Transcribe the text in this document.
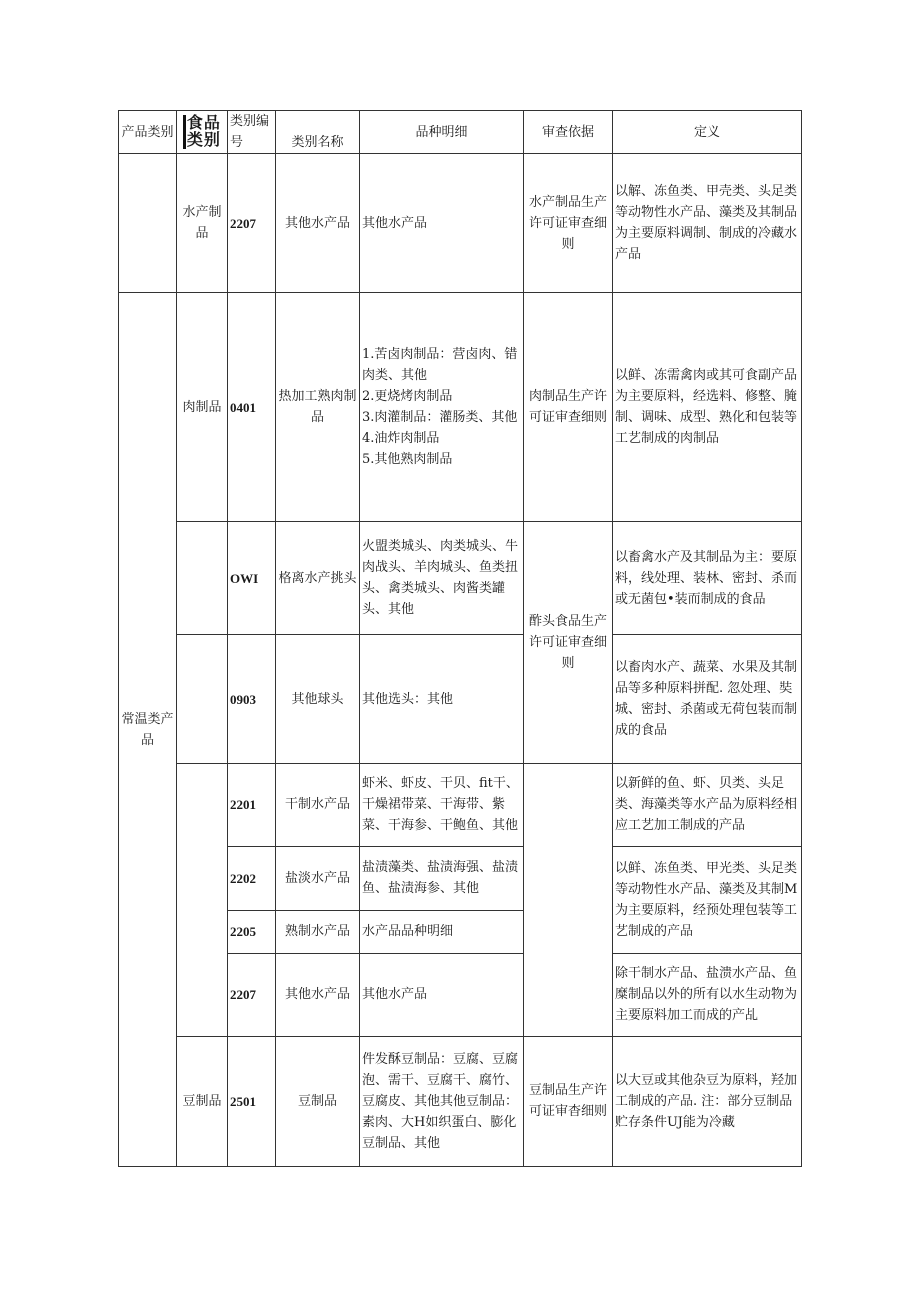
产品类别	食品类别	类别编号	类别名称	品种明细	审查依据	定义
	水产制品	2207	其他水产品	其他水产品	水产制品生产许可证审查细则	以解、冻鱼类、甲壳类、头足类等动物性水产品、藻类及其制品为主要原料调制、制成的冷藏水产品
常温类产品	肉制品	0401	热加工熟肉制品	1.苦卤肉制品：营卤肉、错肉类、其他
2.更烧烤肉制品
3.肉灌制品：灌肠类、其他
4.油炸肉制品
5.其他熟肉制品	肉制品生产许可证审查细则	以鲜、冻需禽肉或其可食副产品为主要原料，经选料、修整、腌制、调味、成型、熟化和包装等工艺制成的肉制品
		OWI	格离水产挑头	火盟类城头、肉类城头、牛肉战头、羊肉城头、鱼类扭头、禽类城头、肉酱类罐头、其他	酢头食品生产许可证审查细则	以畜禽水产及其制品为主：要原料，线处理、装林、密封、杀而或无菌包•装而制成的食品
		0903	其他球头	其他选头：其他		以畜肉水产、蔬菜、水果及其制品等多种原料拼配. 忽处理、奘城、密封、杀菌或无荷包装而制成的食品
		2201	干制水产品	虾米、虾皮、干贝、fit干、干燥裙带菜、干海带、紫菜、干海参、干鲍鱼、其他		以新鲜的鱼、虾、贝类、头足类、海藻类等水产品为原料经相应工艺加工制成的产品
		2202	盐淡水产品	盐渍藻类、盐渍海强、盐渍鱼、盐渍海参、其他		以鲜、冻鱼类、甲光类、头足类等动物性水产品、藻类及其制M为主要原料，经预处理包装等工艺制成的产品
		2205	熟制水产品	水产品品种明细		
		2207	其他水产品	其他水产品		除干制水产品、盐溃水产品、鱼糜制品以外的所有以水生动物为主要原料加工而成的产乩
	豆制品	2501	豆制品	件发酥豆制品：豆腐、豆腐泡、需干、豆腐干、腐竹、豆腐皮、其他其他豆制品：素肉、大H如织蛋白、膨化豆制品、其他	豆制品生产许可证审杳细则	以大豆或其他杂豆为原料，羟加工制成的产品. 注：部分豆制品贮存条件UJ能为冷藏
